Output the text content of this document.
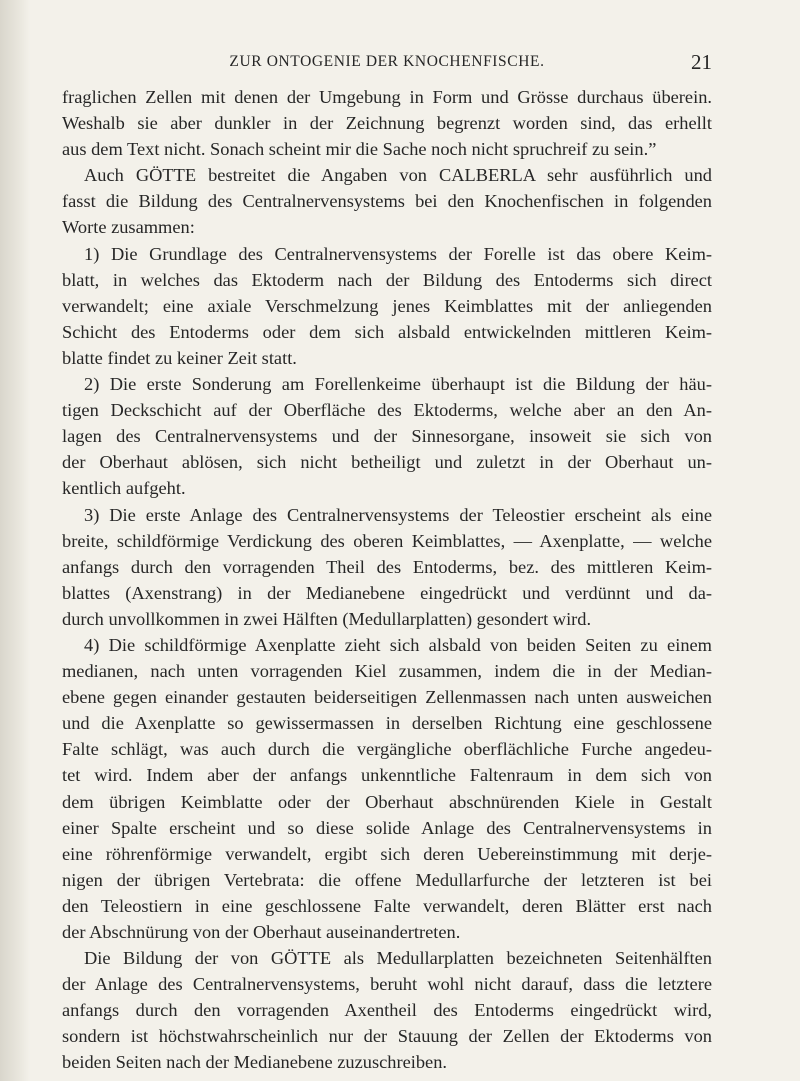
ZUR ONTOGENIE DER KNOCHENFISCHE.	21
fraglichen Zellen mit denen der Umgebung in Form und Grösse durchaus überein.
Weshalb sie aber dunkler in der Zeichnung begrenzt worden sind, das erhellt
aus dem Text nicht. Sonach scheint mir die Sache noch nicht spruchreif zu sein.”
Auch GÖTTE bestreitet die Angaben von CALBERLA sehr ausführlich und
fasst die Bildung des Centralnervensystems bei den Knochenfischen in folgenden
Worte zusammen:
1) Die Grundlage des Centralnervensystems der Forelle ist das obere Keim-
blatt, in welches das Ektoderm nach der Bildung des Entoderms sich direct
verwandelt; eine axiale Verschmelzung jenes Keimblattes mit der anliegenden
Schicht des Entoderms oder dem sich alsbald entwickelnden mittleren Keim-
blatte findet zu keiner Zeit statt.
2) Die erste Sonderung am Forellenkeime überhaupt ist die Bildung der häu-
tigen Deckschicht auf der Oberfläche des Ektoderms, welche aber an den An-
lagen des Centralnervensystems und der Sinnesorgane, insoweit sie sich von
der Oberhaut ablösen, sich nicht betheiligt und zuletzt in der Oberhaut un-
kentlich aufgeht.
3) Die erste Anlage des Centralnervensystems der Teleostier erscheint als eine
breite, schildförmige Verdickung des oberen Keimblattes, — Axenplatte, — welche
anfangs durch den vorragenden Theil des Entoderms, bez. des mittleren Keim-
blattes (Axenstrang) in der Medianebene eingedrückt und verdünnt und da-
durch unvollkommen in zwei Hälften (Medullarplatten) gesondert wird.
4) Die schildförmige Axenplatte zieht sich alsbald von beiden Seiten zu einem
medianen, nach unten vorragenden Kiel zusammen, indem die in der Median-
ebene gegen einander gestauten beiderseitigen Zellenmassen nach unten ausweichen
und die Axenplatte so gewissermassen in derselben Richtung eine geschlossene
Falte schlägt, was auch durch die vergängliche oberflächliche Furche angedeu-
tet wird. Indem aber der anfangs unkenntliche Faltenraum in dem sich von
dem übrigen Keimblatte oder der Oberhaut abschnürenden Kiele in Gestalt
einer Spalte erscheint und so diese solide Anlage des Centralnervensystems in
eine röhrenförmige verwandelt, ergibt sich deren Uebereinstimmung mit derje-
nigen der übrigen Vertebrata: die offene Medullarfurche der letzteren ist bei
den Teleostiern in eine geschlossene Falte verwandelt, deren Blätter erst nach
der Abschnürung von der Oberhaut auseinandertreten.
Die Bildung der von GÖTTE als Medullarplatten bezeichneten Seitenhälften
der Anlage des Centralnervensystems, beruht wohl nicht darauf, dass die letztere
anfangs durch den vorragenden Axentheil des Entoderms eingedrückt wird,
sondern ist höchstwahrscheinlich nur der Stauung der Zellen der Ektoderms von
beiden Seiten nach der Medianebene zuzuschreiben.
